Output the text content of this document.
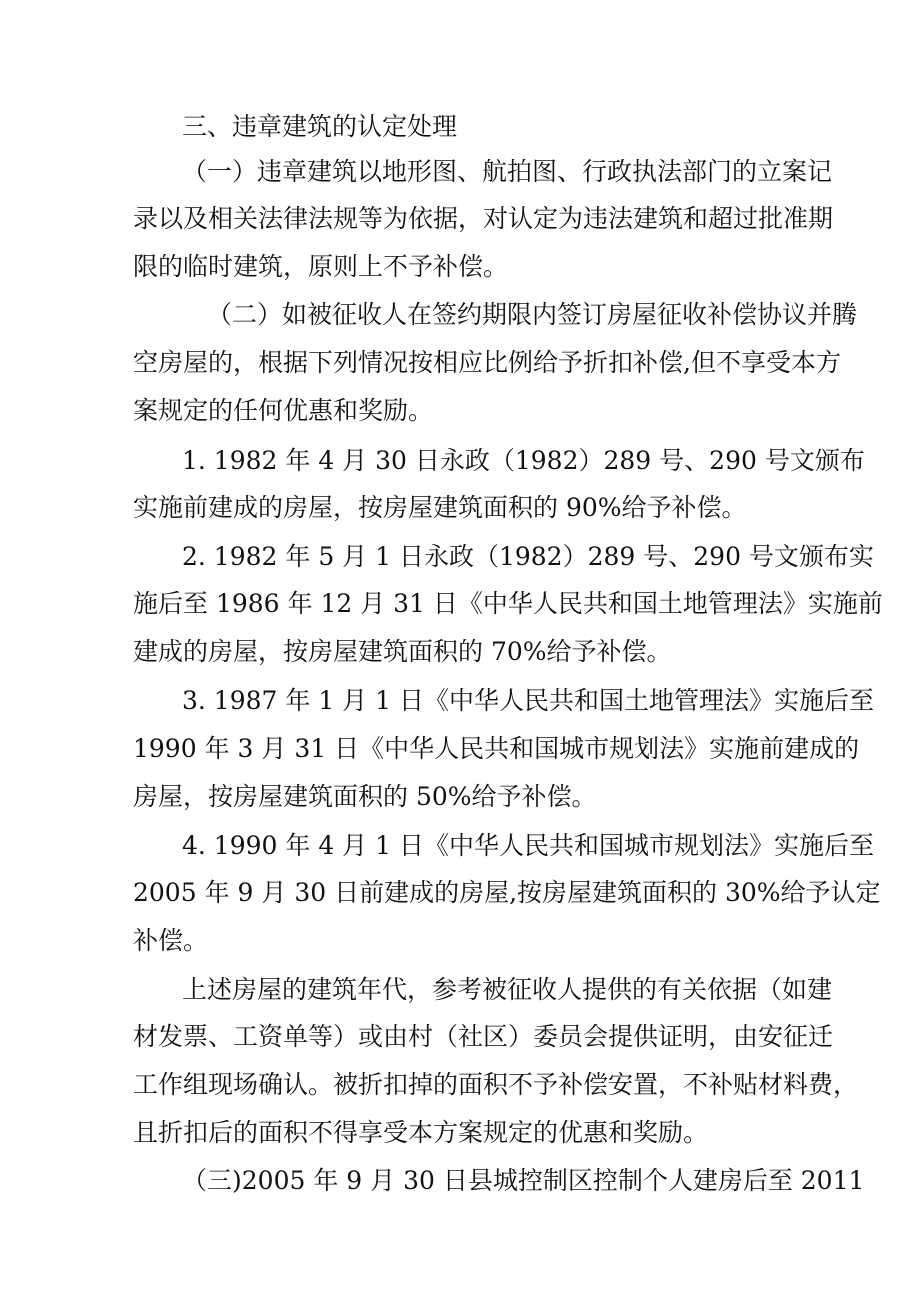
三、违章建筑的认定处理
（一）违章建筑以地形图、航拍图、行政执法部门的立案记
录以及相关法律法规等为依据，对认定为违法建筑和超过批准期
限的临时建筑，原则上不予补偿。
（二）如被征收人在签约期限内签订房屋征收补偿协议并腾
空房屋的，根据下列情况按相应比例给予折扣补偿,但不享受本方
案规定的任何优惠和奖励。
1. 1982 年 4 月 30 日永政（1982）289 号、290 号文颁布
实施前建成的房屋，按房屋建筑面积的 90%给予补偿。
2. 1982 年 5 月 1 日永政（1982）289 号、290 号文颁布实
施后至 1986 年 12 月 31 日《中华人民共和国土地管理法》实施前
建成的房屋，按房屋建筑面积的 70%给予补偿。
3. 1987 年 1 月 1 日《中华人民共和国土地管理法》实施后至
1990 年 3 月 31 日《中华人民共和国城市规划法》实施前建成的
房屋，按房屋建筑面积的 50%给予补偿。
4. 1990 年 4 月 1 日《中华人民共和国城市规划法》实施后至
2005 年 9 月 30 日前建成的房屋,按房屋建筑面积的 30%给予认定
补偿。
上述房屋的建筑年代，参考被征收人提供的有关依据（如建
材发票、工资单等）或由村（社区）委员会提供证明，由安征迁
工作组现场确认。被折扣掉的面积不予补偿安置，不补贴材料费，
且折扣后的面积不得享受本方案规定的优惠和奖励。
（三)2005 年 9 月 30 日县城控制区控制个人建房后至 2011
